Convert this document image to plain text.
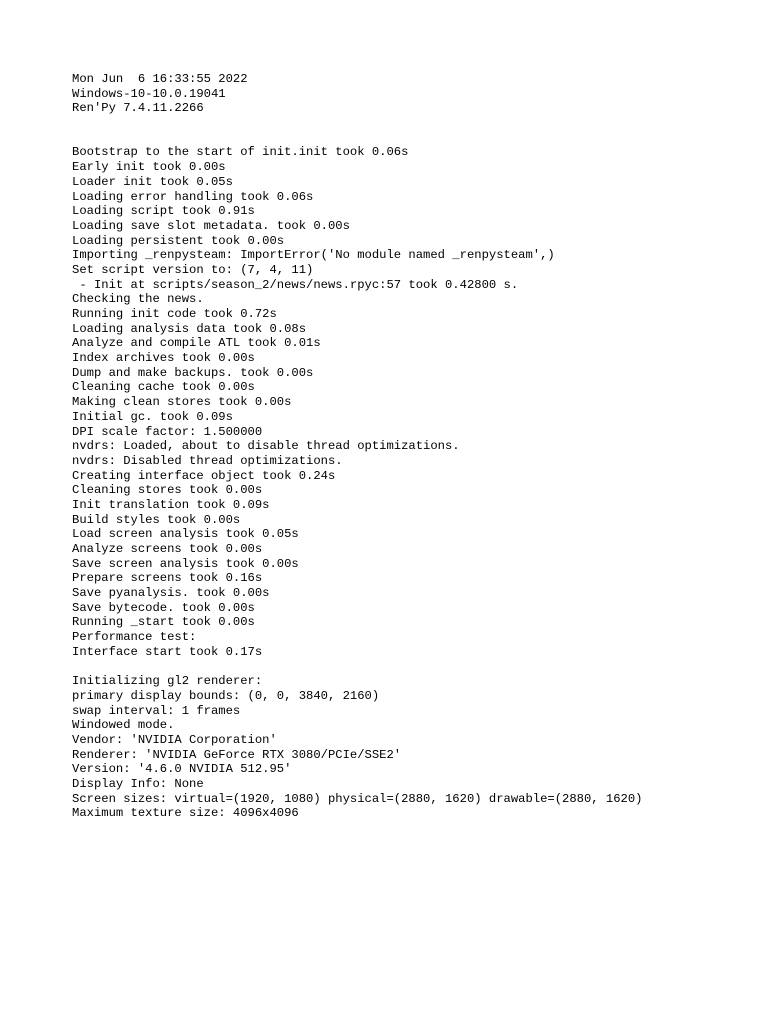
Mon Jun  6 16:33:55 2022
Windows-10-10.0.19041
Ren'Py 7.4.11.2266
Bootstrap to the start of init.init took 0.06s
Early init took 0.00s
Loader init took 0.05s
Loading error handling took 0.06s
Loading script took 0.91s
Loading save slot metadata. took 0.00s
Loading persistent took 0.00s
Importing _renpysteam: ImportError('No module named _renpysteam',)
Set script version to: (7, 4, 11)
- Init at scripts/season_2/news/news.rpyc:57 took 0.42800 s.
Checking the news.
Running init code took 0.72s
Loading analysis data took 0.08s
Analyze and compile ATL took 0.01s
Index archives took 0.00s
Dump and make backups. took 0.00s
Cleaning cache took 0.00s
Making clean stores took 0.00s
Initial gc. took 0.09s
DPI scale factor: 1.500000
nvdrs: Loaded, about to disable thread optimizations.
nvdrs: Disabled thread optimizations.
Creating interface object took 0.24s
Cleaning stores took 0.00s
Init translation took 0.09s
Build styles took 0.00s
Load screen analysis took 0.05s
Analyze screens took 0.00s
Save screen analysis took 0.00s
Prepare screens took 0.16s
Save pyanalysis. took 0.00s
Save bytecode. took 0.00s
Running _start took 0.00s
Performance test:
Interface start took 0.17s
Initializing gl2 renderer:
primary display bounds: (0, 0, 3840, 2160)
swap interval: 1 frames
Windowed mode.
Vendor: 'NVIDIA Corporation'
Renderer: 'NVIDIA GeForce RTX 3080/PCIe/SSE2'
Version: '4.6.0 NVIDIA 512.95'
Display Info: None
Screen sizes: virtual=(1920, 1080) physical=(2880, 1620) drawable=(2880, 1620)
Maximum texture size: 4096x4096
